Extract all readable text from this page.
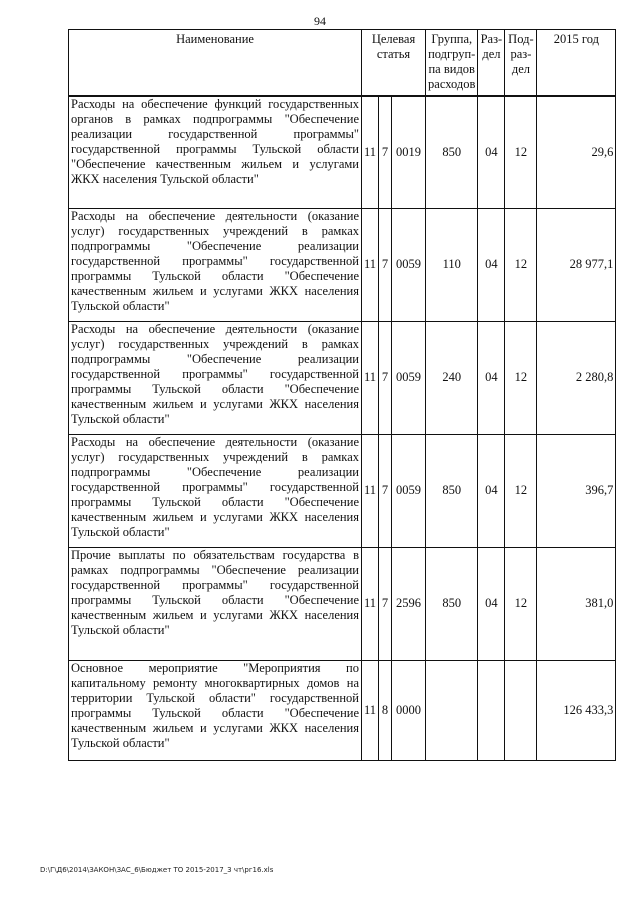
94
Наименование	Целевая статья			Группа, подгруп-па видов расходов	Раз-дел	Под-раз-дел	2015 год
Расходы на обеспечение функций государственных органов в рамках подпрограммы "Обеспечение реализации государственной программы" государственной программы Тульской области "Обеспечение качественным жильем и услугами ЖКХ населения Тульской области"	11	7	0019	850	04	12	29,6
Расходы на обеспечение деятельности (оказание услуг) государственных учреждений в рамках подпрограммы "Обеспечение реализации государственной программы" государственной программы Тульской области "Обеспечение качественным жильем и услугами ЖКХ населения Тульской области"	11	7	0059	110	04	12	28 977,1
Расходы на обеспечение деятельности (оказание услуг) государственных учреждений в рамках подпрограммы "Обеспечение реализации государственной программы" государственной программы Тульской области "Обеспечение качественным жильем и услугами ЖКХ населения Тульской области"	11	7	0059	240	04	12	2 280,8
Расходы на обеспечение деятельности (оказание услуг) государственных учреждений в рамках подпрограммы "Обеспечение реализации государственной программы" государственной программы Тульской области "Обеспечение качественным жильем и услугами ЖКХ населения Тульской области"	11	7	0059	850	04	12	396,7
Прочие выплаты по обязательствам государства в рамках подпрограммы "Обеспечение реализации государственной программы" государственной программы Тульской области "Обеспечение качественным жильем и услугами ЖКХ населения Тульской области"	11	7	2596	850	04	12	381,0
Основное мероприятие "Мероприятия по капитальному ремонту многоквартирных домов на территории Тульской области" государственной программы Тульской области "Обеспечение качественным жильем и услугами ЖКХ населения Тульской области"	11	8	0000				126 433,3
D:\Г\Д6\2014\ЗАКОН\ЗАС_6\Бюджет ТО 2015-2017_3 чт\рг16.xls
